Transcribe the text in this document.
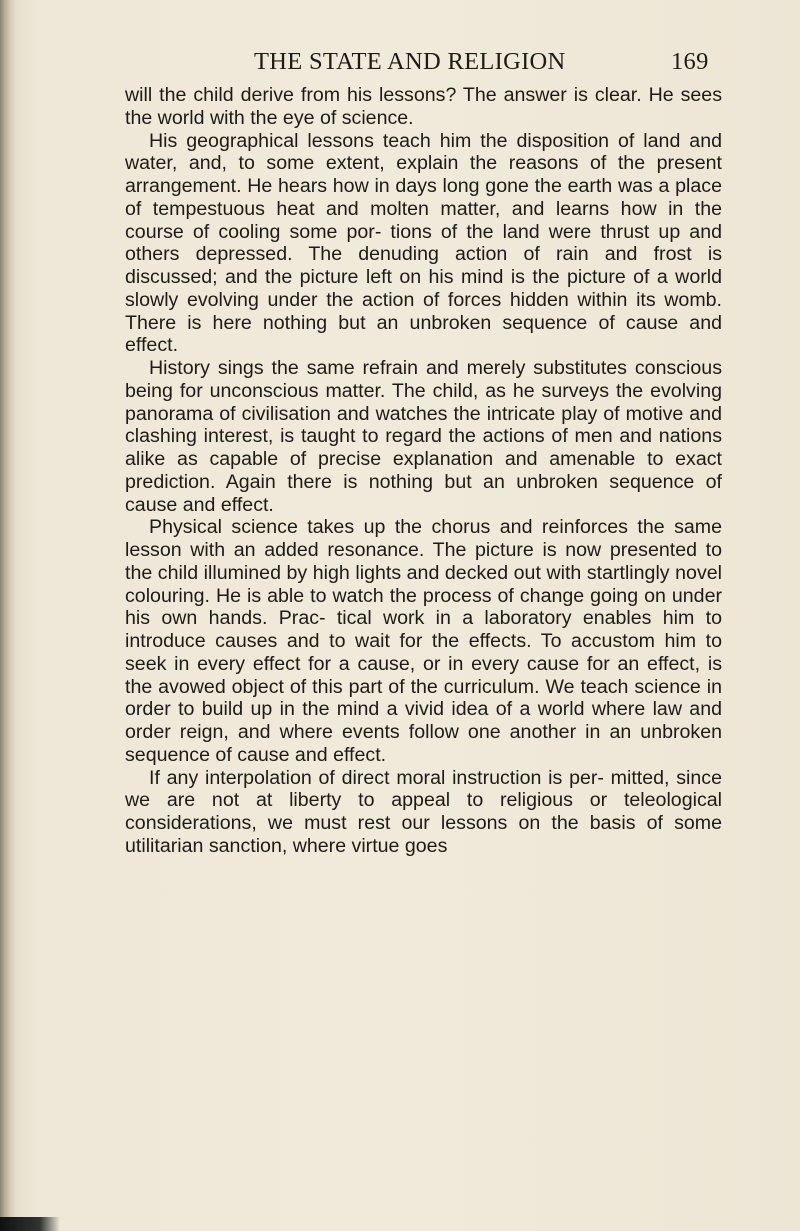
THE STATE AND RELIGION	169

will the child derive from his lessons? The answer is clear. He sees the world with the eye of science.

His geographical lessons teach him the disposition of land and water, and, to some extent, explain the reasons of the present arrangement. He hears how in days long gone the earth was a place of tempestuous heat and molten matter, and learns how in the course of cooling some por- tions of the land were thrust up and others depressed. The denuding action of rain and frost is discussed; and the picture left on his mind is the picture of a world slowly evolving under the action of forces hidden within its womb. There is here nothing but an unbroken sequence of cause and effect.

History sings the same refrain and merely substitutes conscious being for unconscious matter. The child, as he surveys the evolving panorama of civilisation and watches the intricate play of motive and clashing interest, is taught to regard the actions of men and nations alike as capable of precise explanation and amenable to exact prediction. Again there is nothing but an unbroken sequence of cause and effect.

Physical science takes up the chorus and reinforces the same lesson with an added resonance. The picture is now presented to the child illumined by high lights and decked out with startlingly novel colouring. He is able to watch the process of change going on under his own hands. Prac- tical work in a laboratory enables him to introduce causes and to wait for the effects. To accustom him to seek in every effect for a cause, or in every cause for an effect, is the avowed object of this part of the curriculum. We teach science in order to build up in the mind a vivid idea of a world where law and order reign, and where events follow one another in an unbroken sequence of cause and effect.

If any interpolation of direct moral instruction is per- mitted, since we are not at liberty to appeal to religious or teleological considerations, we must rest our lessons on the basis of some utilitarian sanction, where virtue goes
